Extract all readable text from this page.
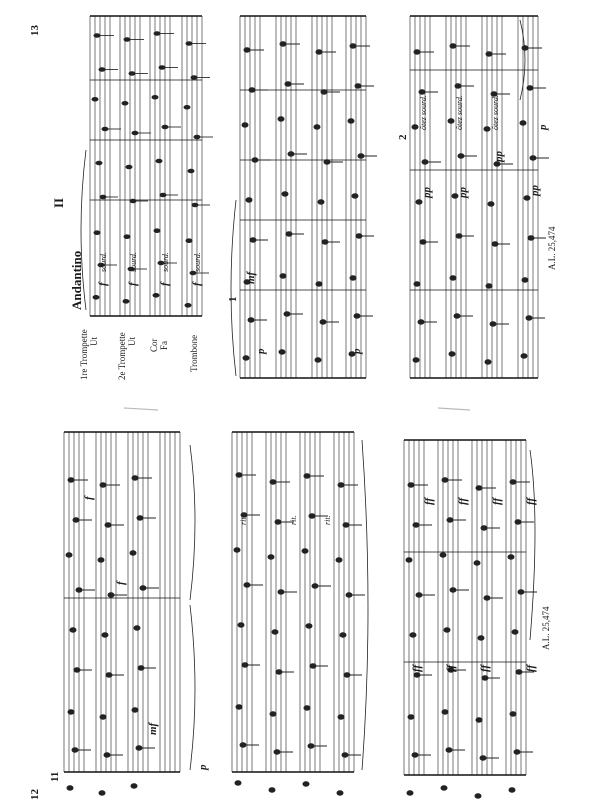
12
11
f
f
mf
p
rit.	rit.	rit.
ff ff ff ff
ff ff ff	ff
A.L. 25,474
13
II
Andantino
1re Trompette Ut 2e Trompette Ut Cor Fa Trombone
f f f f
sourd.	sourd.	sourd.	sourd.
1
p
mf
p
2
ôtez sourd.	ôtez sourd.	ôtez sourd.
pp pp
pp
pp
p
A.L. 25,474
